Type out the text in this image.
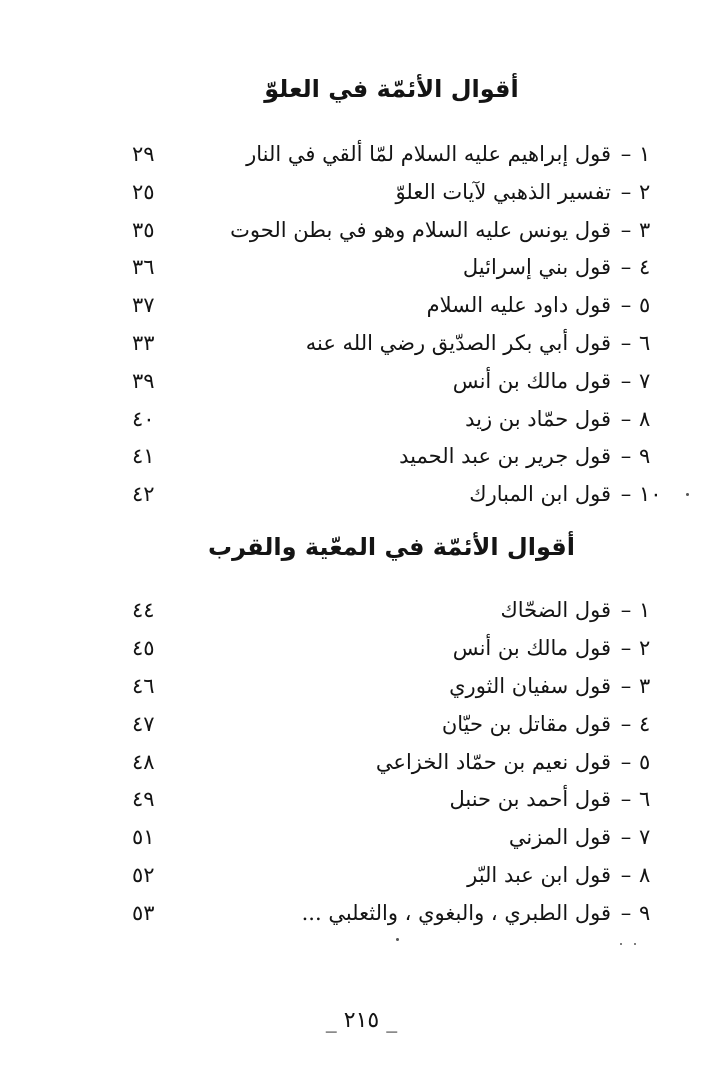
أقوال الأئمّة في العلوّ
١
–
قول إبراهيم عليه السلام لمّا ألقي في النار
٢٩
٢
–
تفسير الذهبي لآيات العلوّ
٢٥
٣
–
قول يونس عليه السلام وهو في بطن الحوت
٣٥
٤
–
قول بني إسرائيل
٣٦
٥
–
قول داود عليه السلام
٣٧
٦
–
قول أبي بكر الصدّيق رضي الله عنه
٣٣
٧
–
قول مالك بن أنس
٣٩
٨
–
قول حمّاد بن زيد
٤٠
٩
–
قول جرير بن عبد الحميد
٤١
١٠
–
قول ابن المبارك
٤٢
أقوال الأئمّة في المعّية والقرب
١
–
قول الضحّاك
٤٤
٢
–
قول مالك بن أنس
٤٥
٣
–
قول سفيان الثوري
٤٦
٤
–
قول مقاتل بن حيّان
٤٧
٥
–
قول نعيم بن حمّاد الخزاعي
٤٨
٦
–
قول أحمد بن حنبل
٤٩
٧
–
قول المزني
٥١
٨
–
قول ابن عبد البّر
٥٢
٩
–
قول الطبري ، والبغوي ، والثعلبي ...
٥٣
_ ٢١٥ _
